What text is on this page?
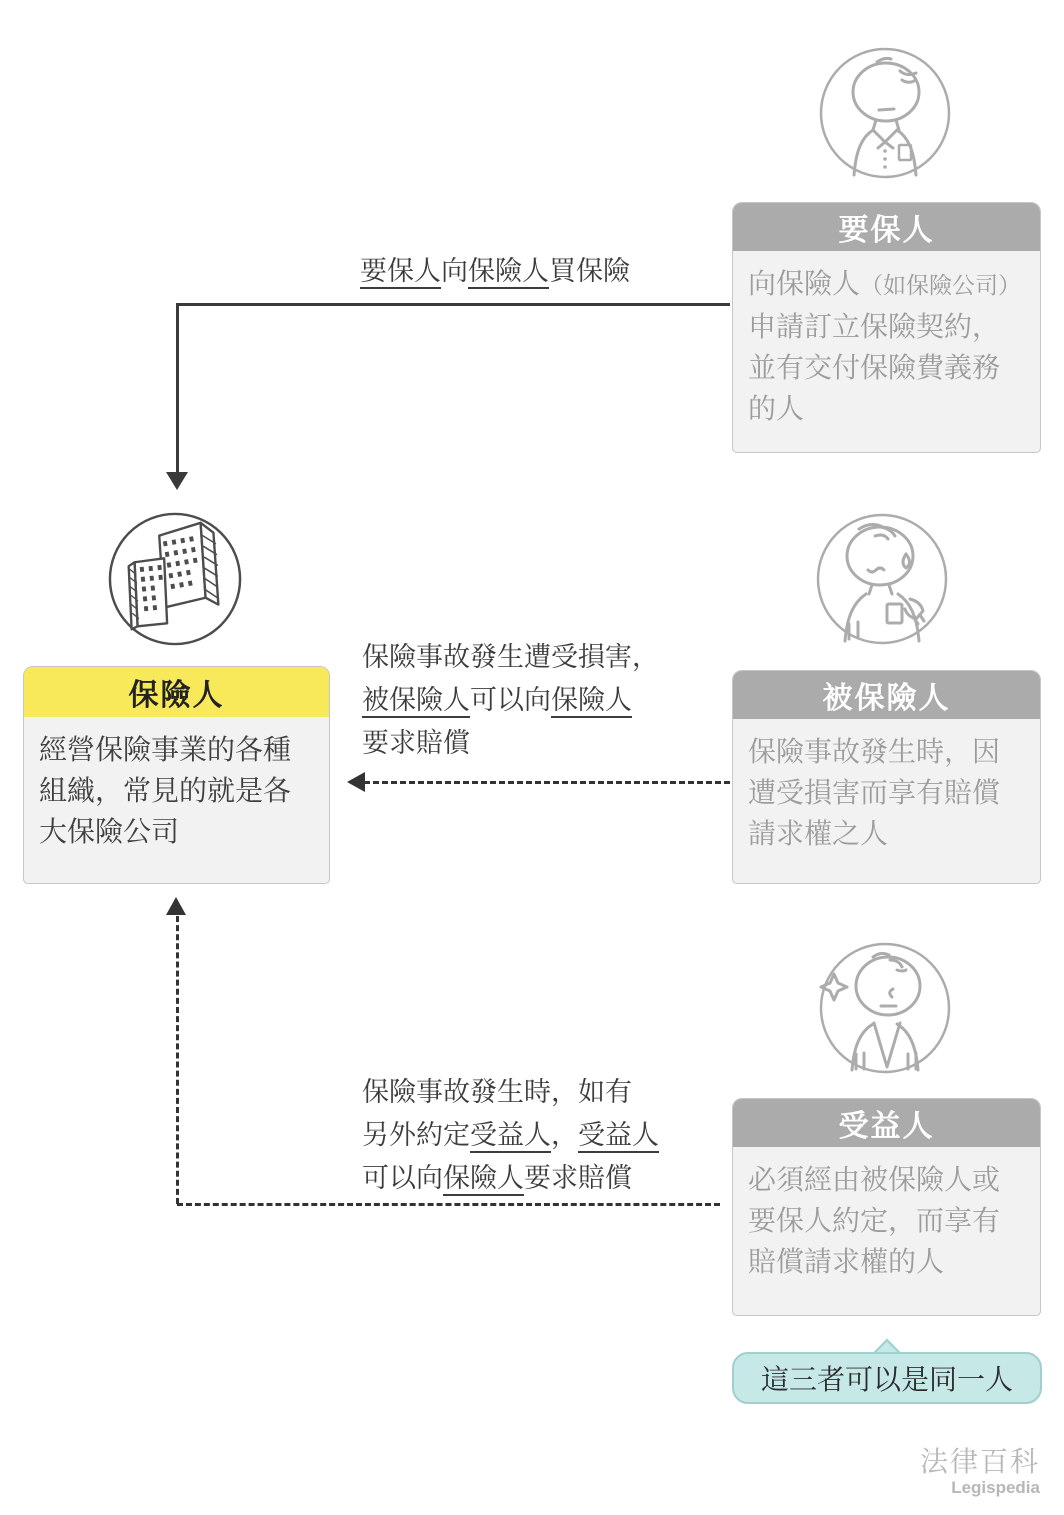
要保人
向保險人（如保險公司）申請訂立保險契約，並有交付保險費義務的人
要保人向保險人買保險
保險人
經營保險事業的各種組織，常見的就是各大保險公司
保險事故發生遭受損害，
被保險人可以向保險人
要求賠償
被保險人
保險事故發生時，因遭受損害而享有賠償請求權之人
保險事故發生時，如有
另外約定受益人，受益人
可以向保險人要求賠償
受益人
必須經由被保險人或要保人約定，而享有賠償請求權的人
這三者可以是同一人
法律百科
Legispedia
